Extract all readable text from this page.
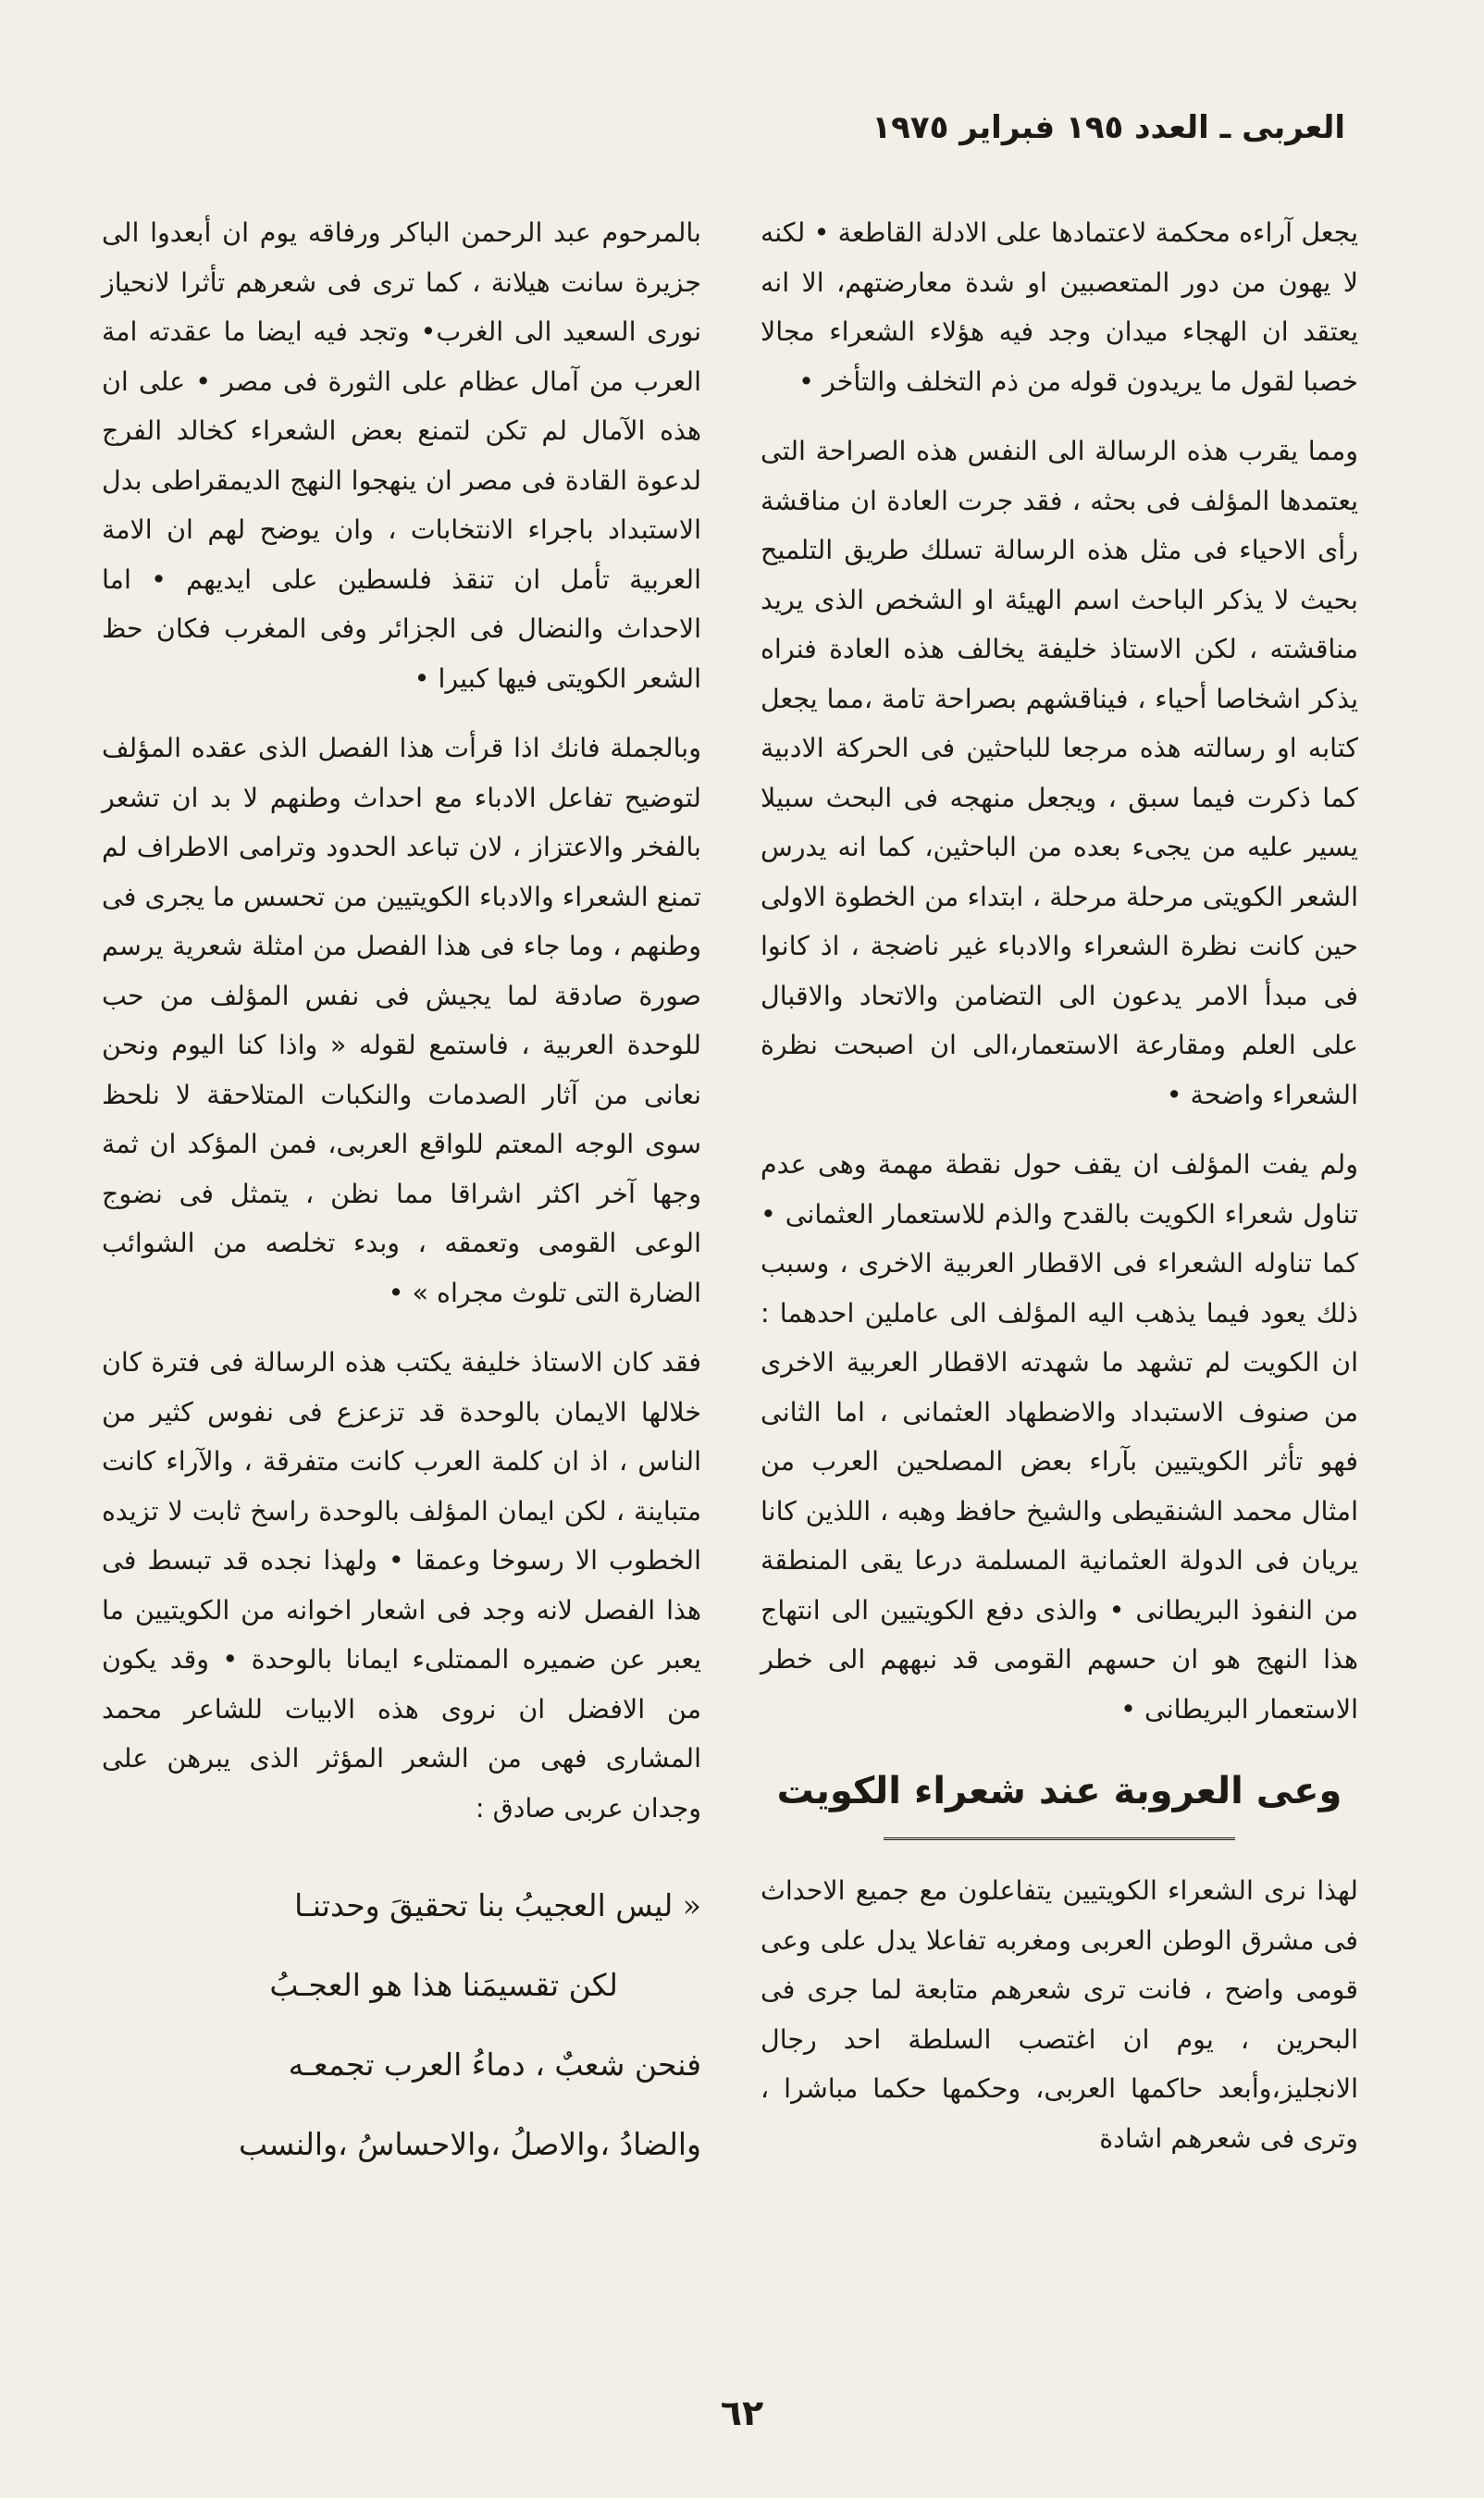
العربى ـ العدد ١٩٥ فبراير ١٩٧٥

يجعل آراءه محكمة لاعتمادها على الادلة القاطعة • لكنه لا يهون من دور المتعصبين او شدة معارضتهم، الا انه يعتقد ان الهجاء ميدان وجد فيه هؤلاء الشعراء مجالا خصبا لقول ما يريدون قوله من ذم التخلف والتأخر •

ومما يقرب هذه الرسالة الى النفس هذه الصراحة التى يعتمدها المؤلف فى بحثه ، فقد جرت العادة ان مناقشة رأى الاحياء فى مثل هذه الرسالة تسلك طريق التلميح بحيث لا يذكر الباحث اسم الهيئة او الشخص الذى يريد مناقشته ، لكن الاستاذ خليفة يخالف هذه العادة فنراه يذكر اشخاصا أحياء ، فيناقشهم بصراحة تامة ،مما يجعل كتابه او رسالته هذه مرجعا للباحثين فى الحركة الادبية كما ذكرت فيما سبق ، ويجعل منهجه فى البحث سبيلا يسير عليه من يجىء بعده من الباحثين، كما انه يدرس الشعر الكويتى مرحلة مرحلة ، ابتداء من الخطوة الاولى حين كانت نظرة الشعراء والادباء غير ناضجة ، اذ كانوا فى مبدأ الامر يدعون الى التضامن والاتحاد والاقبال على العلم ومقارعة الاستعمار،الى ان اصبحت نظرة الشعراء واضحة •

ولم يفت المؤلف ان يقف حول نقطة مهمة وهى عدم تناول شعراء الكويت بالقدح والذم للاستعمار العثمانى • كما تناوله الشعراء فى الاقطار العربية الاخرى ، وسبب ذلك يعود فيما يذهب اليه المؤلف الى عاملين احدهما : ان الكويت لم تشهد ما شهدته الاقطار العربية الاخرى من صنوف الاستبداد والاضطهاد العثمانى ، اما الثانى فهو تأثر الكويتيين بآراء بعض المصلحين العرب من امثال محمد الشنقيطى والشيخ حافظ وهبه ، اللذين كانا يريان فى الدولة العثمانية المسلمة درعا يقى المنطقة من النفوذ البريطانى • والذى دفع الكويتيين الى انتهاج هذا النهج هو ان حسهم القومى قد نبههم الى خطر الاستعمار البريطانى •

وعى العروبة عند شعراء الكويت

لهذا نرى الشعراء الكويتيين يتفاعلون مع جميع الاحداث فى مشرق الوطن العربى ومغربه تفاعلا يدل على وعى قومى واضح ، فانت ترى شعرهم متابعة لما جرى فى البحرين ، يوم ان اغتصب السلطة احد رجال الانجليز،وأبعد حاكمها العربى، وحكمها حكما مباشرا ، وترى فى شعرهم اشادة

بالمرحوم عبد الرحمن الباكر ورفاقه يوم ان أبعدوا الى جزيرة سانت هيلانة ، كما ترى فى شعرهم تأثرا لانحياز نورى السعيد الى الغرب• وتجد فيه ايضا ما عقدته امة العرب من آمال عظام على الثورة فى مصر • على ان هذه الآمال لم تكن لتمنع بعض الشعراء كخالد الفرج لدعوة القادة فى مصر ان ينهجوا النهج الديمقراطى بدل الاستبداد باجراء الانتخابات ، وان يوضح لهم ان الامة العربية تأمل ان تنقذ فلسطين على ايديهم • اما الاحداث والنضال فى الجزائر وفى المغرب فكان حظ الشعر الكويتى فيها كبيرا •

وبالجملة فانك اذا قرأت هذا الفصل الذى عقده المؤلف لتوضيح تفاعل الادباء مع احداث وطنهم لا بد ان تشعر بالفخر والاعتزاز ، لان تباعد الحدود وترامى الاطراف لم تمنع الشعراء والادباء الكويتيين من تحسس ما يجرى فى وطنهم ، وما جاء فى هذا الفصل من امثلة شعرية يرسم صورة صادقة لما يجيش فى نفس المؤلف من حب للوحدة العربية ، فاستمع لقوله « واذا كنا اليوم ونحن نعانى من آثار الصدمات والنكبات المتلاحقة لا نلحظ سوى الوجه المعتم للواقع العربى، فمن المؤكد ان ثمة وجها آخر اكثر اشراقا مما نظن ، يتمثل فى نضوج الوعى القومى وتعمقه ، وبدء تخلصه من الشوائب الضارة التى تلوث مجراه » •

فقد كان الاستاذ خليفة يكتب هذه الرسالة فى فترة كان خلالها الايمان بالوحدة قد تزعزع فى نفوس كثير من الناس ، اذ ان كلمة العرب كانت متفرقة ، والآراء كانت متباينة ، لكن ايمان المؤلف بالوحدة راسخ ثابت لا تزيده الخطوب الا رسوخا وعمقا • ولهذا نجده قد تبسط فى هذا الفصل لانه وجد فى اشعار اخوانه من الكويتيين ما يعبر عن ضميره الممتلىء ايمانا بالوحدة • وقد يكون من الافضل ان نروى هذه الابيات للشاعر محمد المشارى فهى من الشعر المؤثر الذى يبرهن على وجدان عربى صادق :

« ليس العجيبُ بنا تحقيقَ وحدتنـا
لكن تقسيمَنا هذا هو العجـبُ
فنحن شعبٌ ، دماءُ العرب تجمعـه
والضادُ ،والاصلُ ،والاحساسُ ،والنسب
٦٢
